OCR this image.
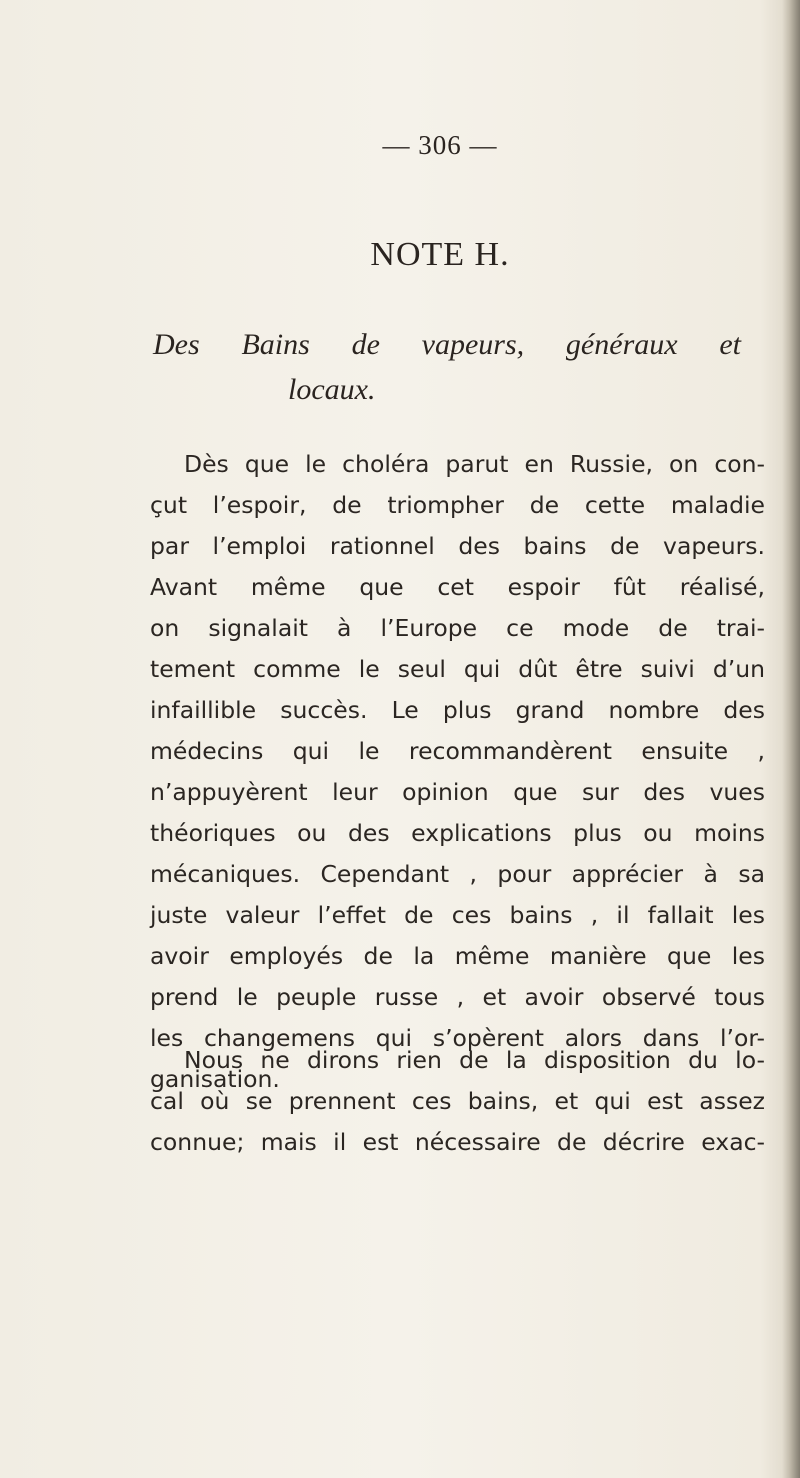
— 306 —
NOTE H.
Des Bains de vapeurs, généraux et
locaux.
Dès que le choléra parut en Russie, on con-
çut l’espoir, de triompher de cette maladie
par l’emploi rationnel des bains de vapeurs.
Avant même que cet espoir fût réalisé,
on signalait à l’Europe ce mode de trai-
tement comme le seul qui dût être suivi d’un
infaillible succès. Le plus grand nombre des
médecins qui le recommandèrent ensuite ,
n’appuyèrent leur opinion que sur des vues
théoriques ou des explications plus ou moins
mécaniques. Cependant , pour apprécier à sa
juste valeur l’effet de ces bains , il fallait les
avoir employés de la même manière que les
prend le peuple russe , et avoir observé tous
les changemens qui s’opèrent alors dans l’or-
ganisation.
Nous ne dirons rien de la disposition du lo-
cal où se prennent ces bains, et qui est assez
connue; mais il est nécessaire de décrire exac-
